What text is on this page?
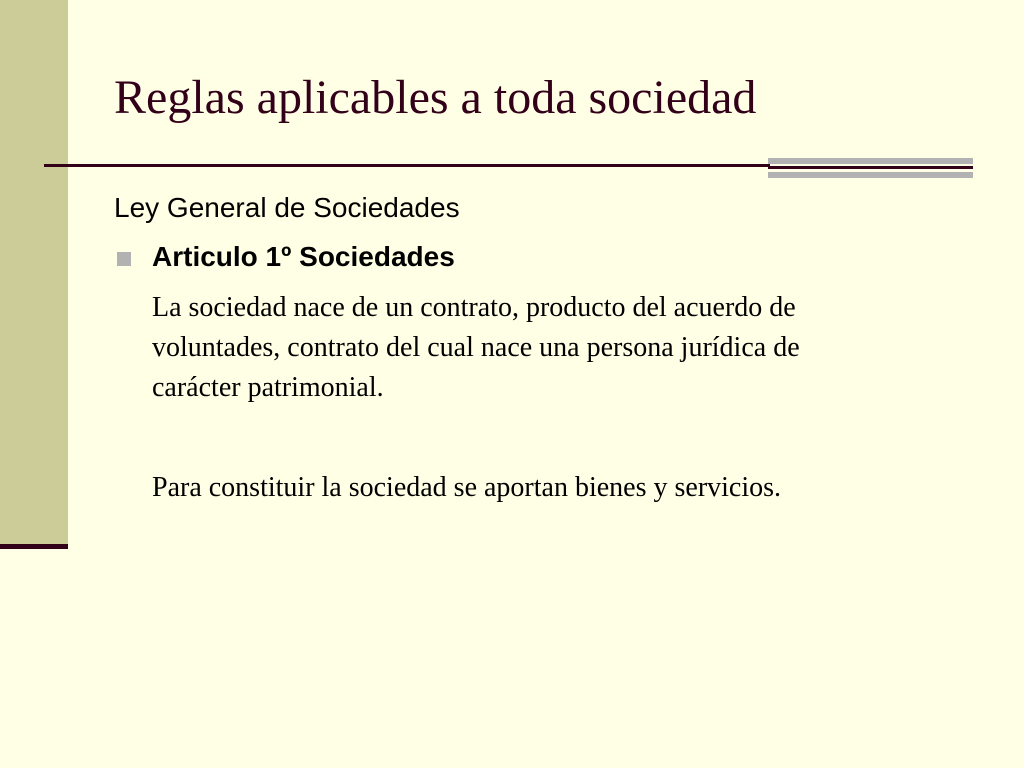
Reglas aplicables a toda sociedad
Ley General de Sociedades
Articulo 1º Sociedades

La sociedad nace de un contrato, producto del acuerdo de
voluntades, contrato del cual nace una persona jurídica de
carácter patrimonial.

Para constituir la sociedad se aportan bienes y servicios.
